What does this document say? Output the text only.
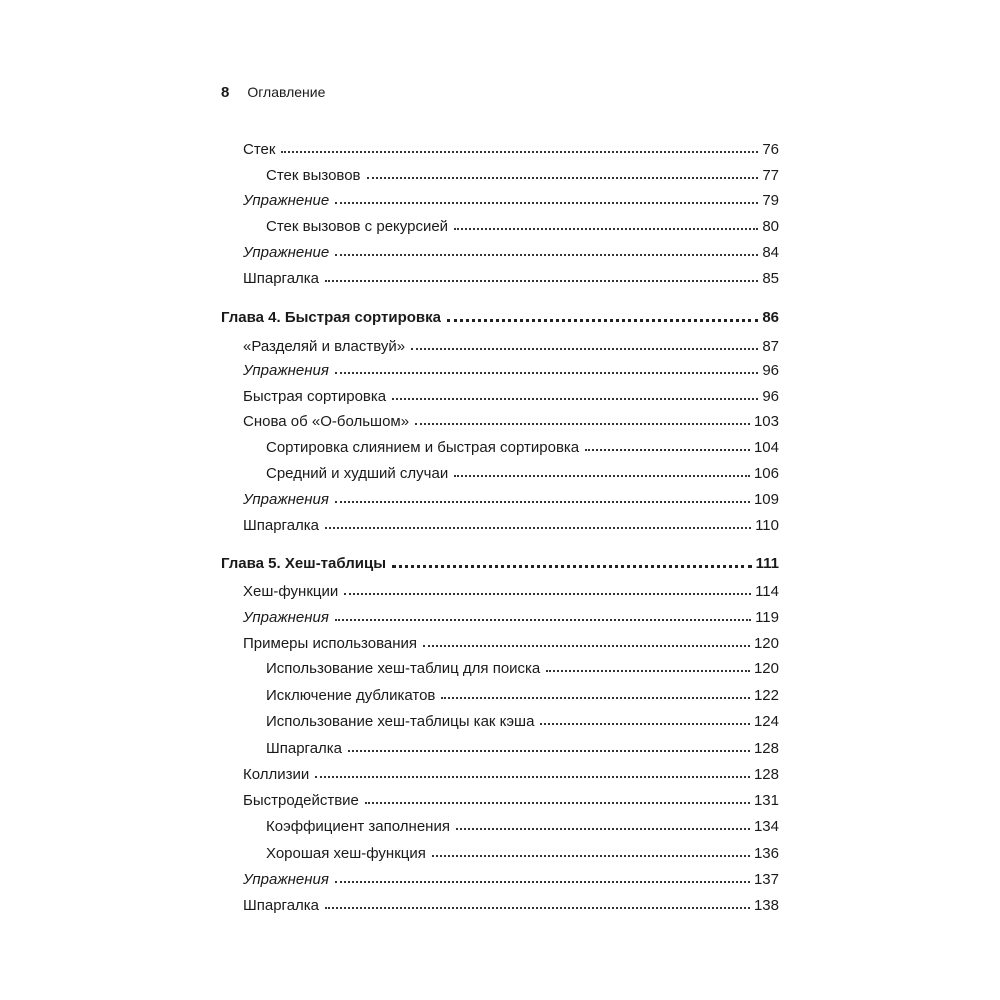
8 Оглавление
Стек	76
Стек вызовов	77
Упражнение	79
Стек вызовов с рекурсией	80
Упражнение	84
Шпаргалка	85
Глава 4. Быстрая сортировка	86
«Разделяй и властвуй»	87
Упражнения	96
Быстрая сортировка	96
Снова об «О-большом»	103
Сортировка слиянием и быстрая сортировка	104
Средний и худший случаи	106
Упражнения	109
Шпаргалка	110
Глава 5. Хеш-таблицы	111
Хеш-функции	114
Упражнения	119
Примеры использования	120
Использование хеш-таблиц для поиска	120
Исключение дубликатов	122
Использование хеш-таблицы как кэша	124
Шпаргалка	128
Коллизии	128
Быстродействие	131
Коэффициент заполнения	134
Хорошая хеш-функция	136
Упражнения	137
Шпаргалка	138
